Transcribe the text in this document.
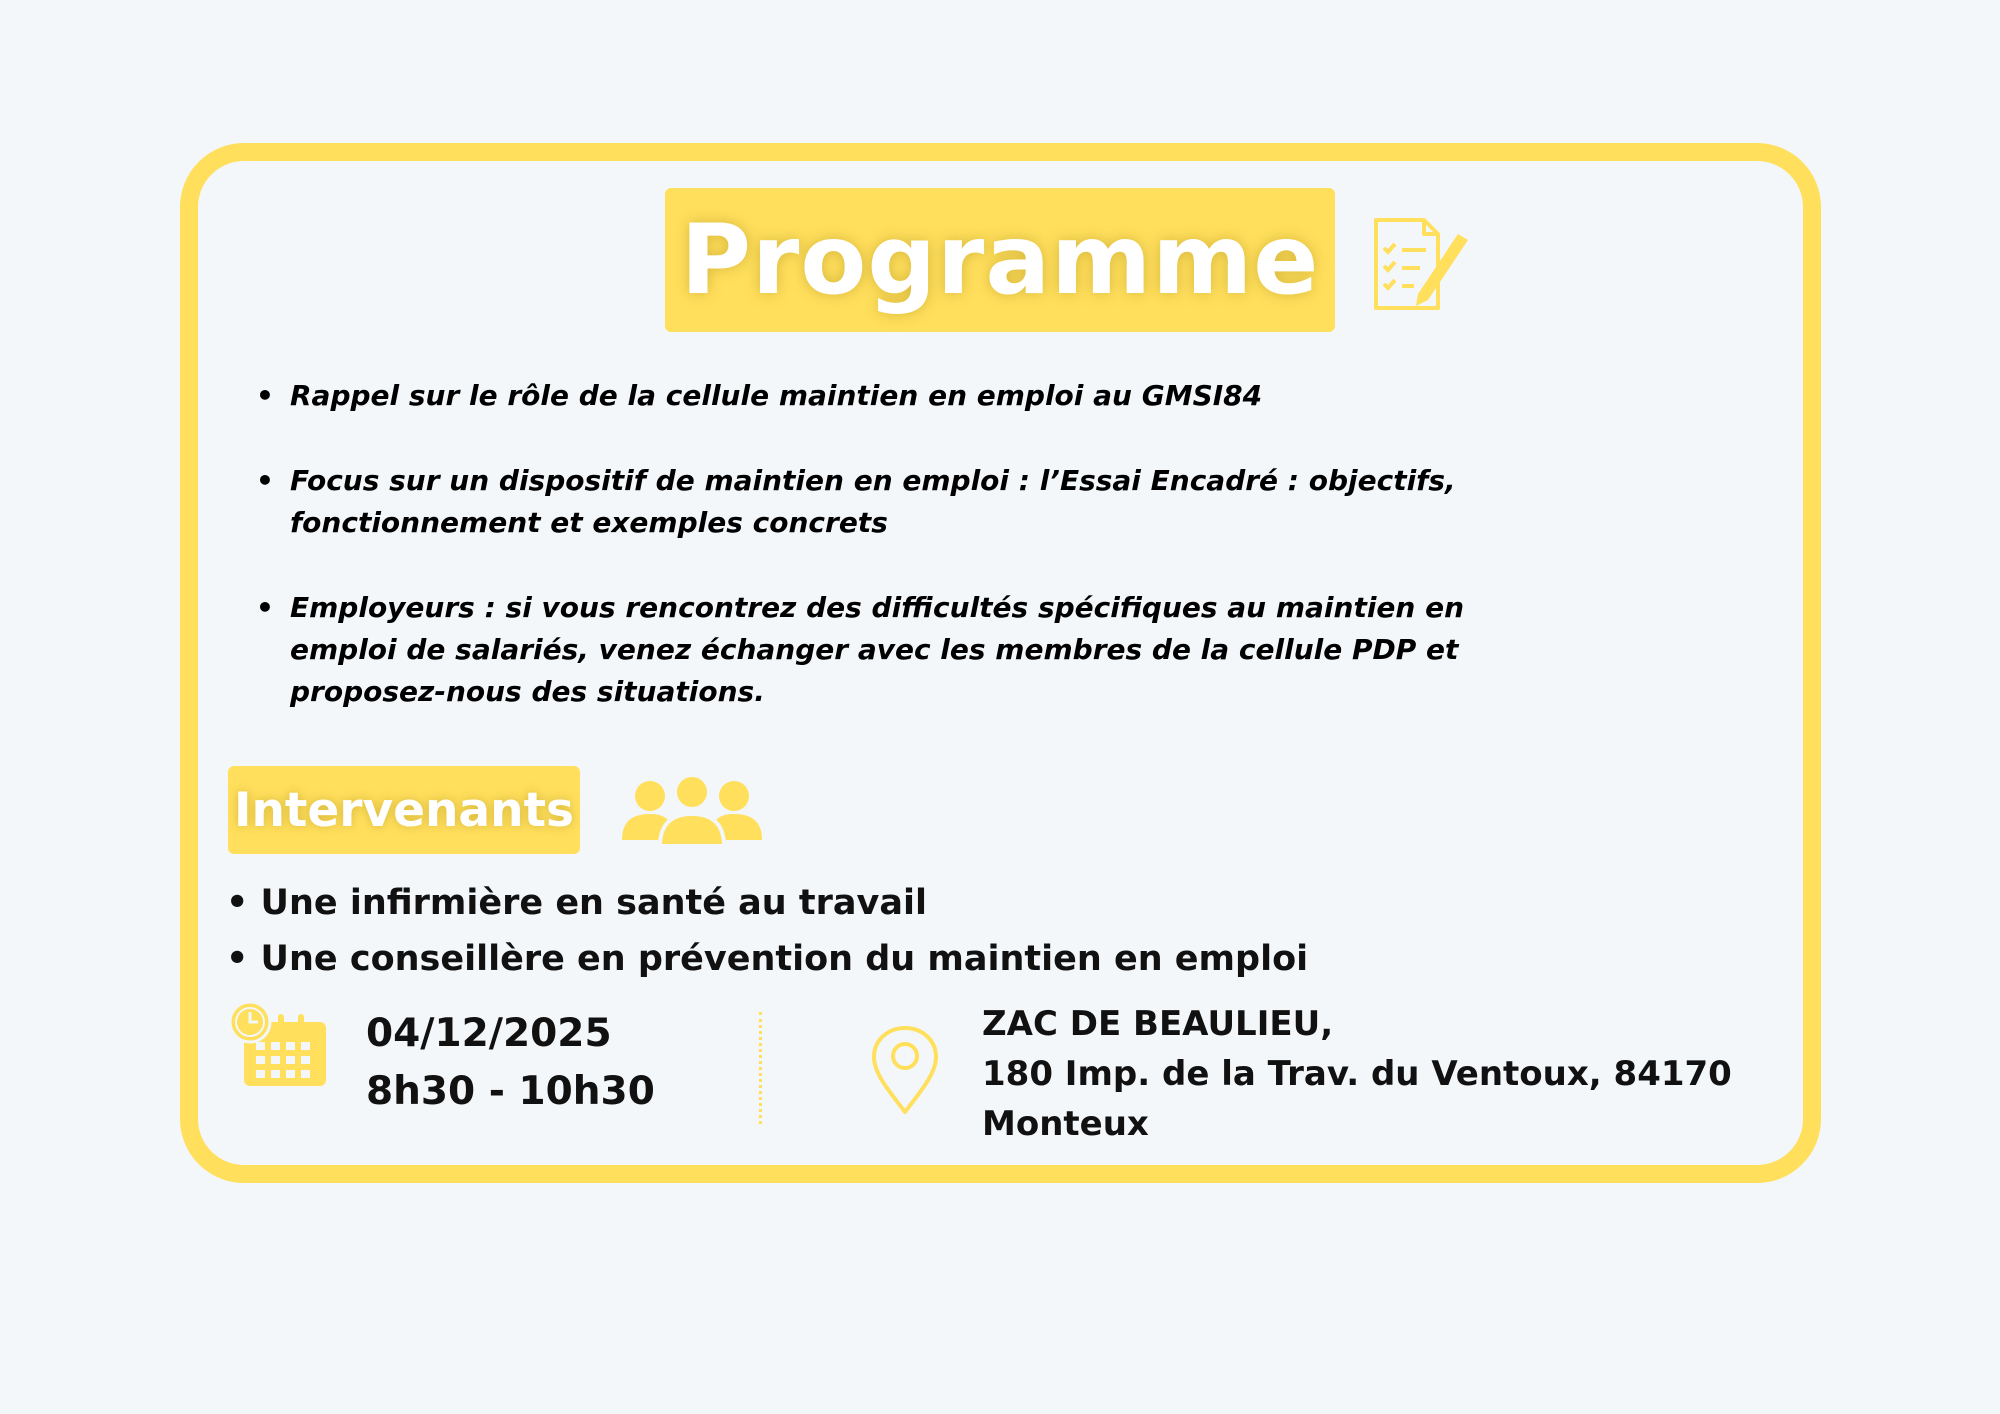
Programme
• Rappel sur le rôle de la cellule maintien en emploi au GMSI84
• Focus sur un dispositif de maintien en emploi : l’Essai Encadré : objectifs, fonctionnement et exemples concrets
• Employeurs : si vous rencontrez des difficultés spécifiques au maintien en emploi de salariés, venez échanger avec les membres de la cellule PDP et proposez-nous des situations.
Intervenants
• Une infirmière en santé au travail
• Une conseillère en prévention du maintien en emploi
04/12/2025
8h30 - 10h30
ZAC DE BEAULIEU,
180 Imp. de la Trav. du Ventoux, 84170
Monteux
